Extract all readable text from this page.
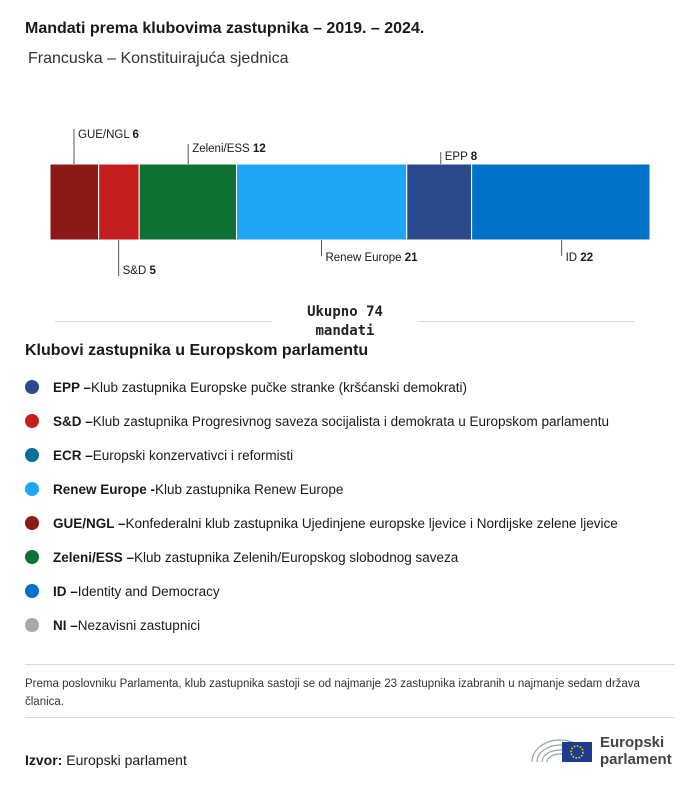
Mandati prema klubovima zastupnika – 2019. – 2024.
Francuska – Konstituirajuća sjednica
GUE/NGL 6
S&D 5
Zeleni/ESS 12
Renew Europe 21
EPP 8
ID 22
Ukupno 74
mandati
Klubovi zastupnika u Europskom parlamentu
EPP – Klub zastupnika Europske pučke stranke (kršćanski demokrati)
S&D – Klub zastupnika Progresivnog saveza socijalista i demokrata u Europskom parlamentu
ECR – Europski konzervativci i reformisti
Renew Europe - Klub zastupnika Renew Europe
GUE/NGL – Konfederalni klub zastupnika Ujedinjene europske ljevice i Nordijske zelene ljevice
Zeleni/ESS – Klub zastupnika Zelenih/Europskog slobodnog saveza
ID – Identity and Democracy
NI – Nezavisni zastupnici
Prema poslovniku Parlamenta, klub zastupnika sastoji se od najmanje 23 zastupnika izabranih u najmanje sedam država članica.
Izvor: Europski parlament
Europski
parlament
